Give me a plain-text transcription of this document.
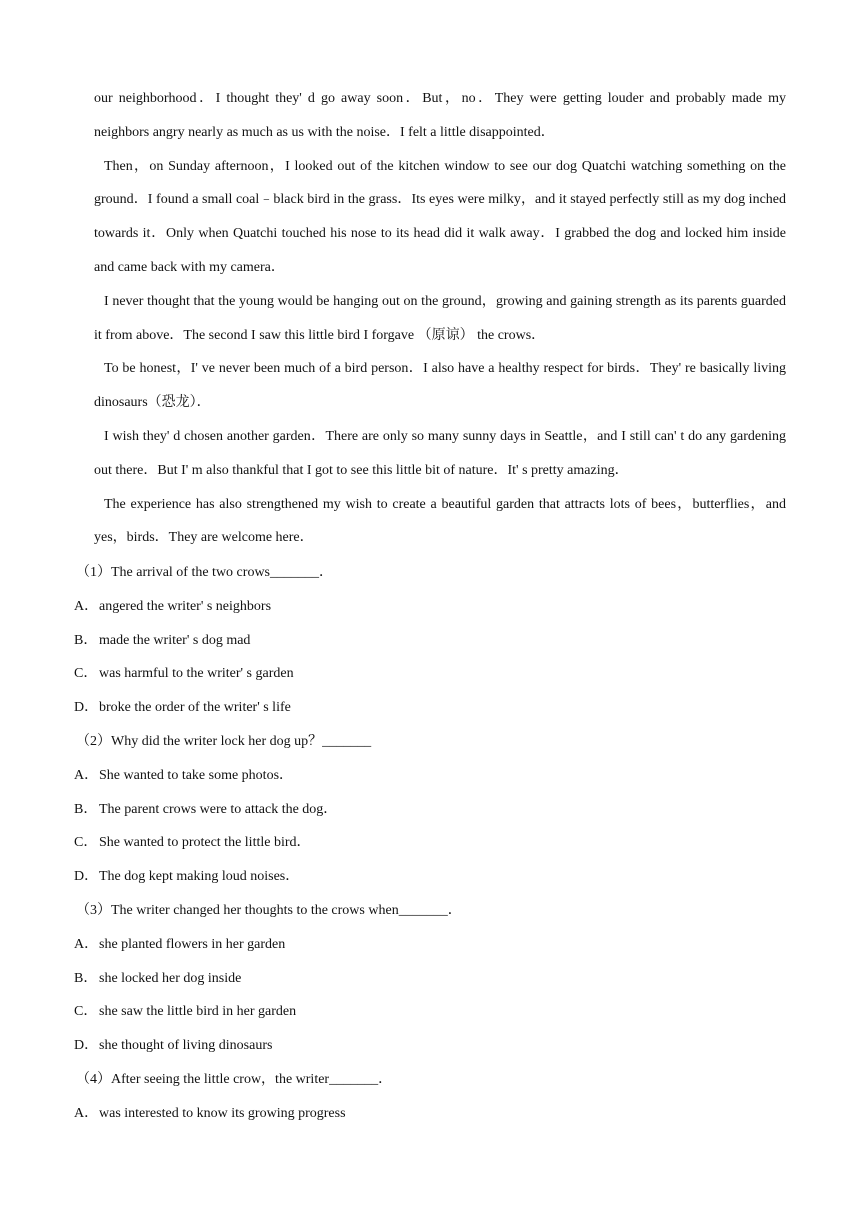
our neighborhood．I thought they' d go away soon．But，no．They were getting louder and probably made my neighbors angry nearly as much as us with the noise．I felt a little disappointed．

Then，on Sunday afternoon，I looked out of the kitchen window to see our dog Quatchi watching something on the ground．I found a small coal﹣black bird in the grass．Its eyes were milky，and it stayed perfectly still as my dog inched towards it．Only when Quatchi touched his nose to its head did it walk away．I grabbed the dog and locked him inside and came back with my camera．

I never thought that the young would be hanging out on the ground，growing and gaining strength as its parents guarded it from above．The second I saw this little bird I forgave （原谅） the crows．

To be honest，I' ve never been much of a bird person．I also have a healthy respect for birds．They' re basically living dinosaurs（恐龙）．

I wish they' d chosen another garden．There are only so many sunny days in Seattle，and I still can' t do any gardening out there．But I' m also thankful that I got to see this little bit of nature．It' s pretty amazing．

The experience has also strengthened my wish to create a beautiful garden that attracts lots of bees，butterflies，and yes，birds．They are welcome here．

（1）The arrival of the two crows_______．
A．angered the writer' s neighbors
B． made the writer' s dog mad
C． was harmful to the writer' s garden
D．broke the order of the writer' s life
（2）Why did the writer lock her dog up？_______
A．She wanted to take some photos．
B． The parent crows were to attack the dog．
C． She wanted to protect the little bird．
D．The dog kept making loud noises．
（3）The writer changed her thoughts to the crows when_______．
A．she planted flowers in her garden
B． she locked her dog inside
C． she saw the little bird in her garden
D．she thought of living dinosaurs
（4）After seeing the little crow，the writer_______．
A．was interested to know its growing progress
